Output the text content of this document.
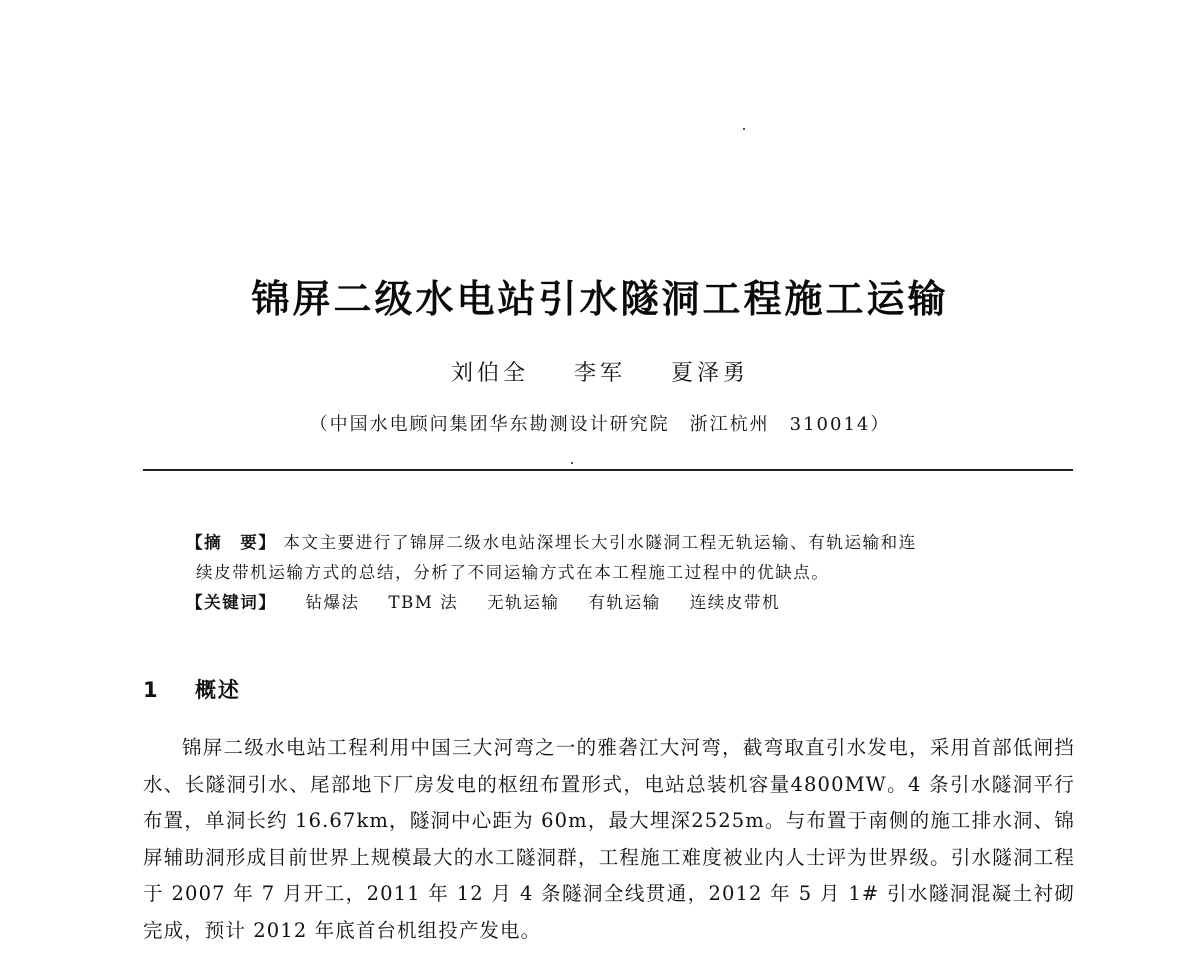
锦屏二级水电站引水隧洞工程施工运输
刘伯全 李军 夏泽勇
（中国水电顾问集团华东勘测设计研究院　浙江杭州　310014）
【摘　要】 本文主要进行了锦屏二级水电站深埋长大引水隧洞工程无轨运输、有轨运输和连
续皮带机运输方式的总结，分析了不同运输方式在本工程施工过程中的优缺点。
【关键词】 钻爆法 TBM 法 无轨运输 有轨运输 连续皮带机
1 概述
锦屏二级水电站工程利用中国三大河弯之一的雅砻江大河弯，截弯取直引水发电，采用首部低闸挡水、长隧洞引水、尾部地下厂房发电的枢纽布置形式，电站总装机容量4800MW。4 条引水隧洞平行布置，单洞长约 16.67km，隧洞中心距为 60m，最大埋深2525m。与布置于南侧的施工排水洞、锦屏辅助洞形成目前世界上规模最大的水工隧洞群，工程施工难度被业内人士评为世界级。引水隧洞工程于 2007 年 7 月开工，2011 年 12 月 4 条隧洞全线贯通，2012 年 5 月 1# 引水隧洞混凝土衬砌完成，预计 2012 年底首台机组投产发电。
